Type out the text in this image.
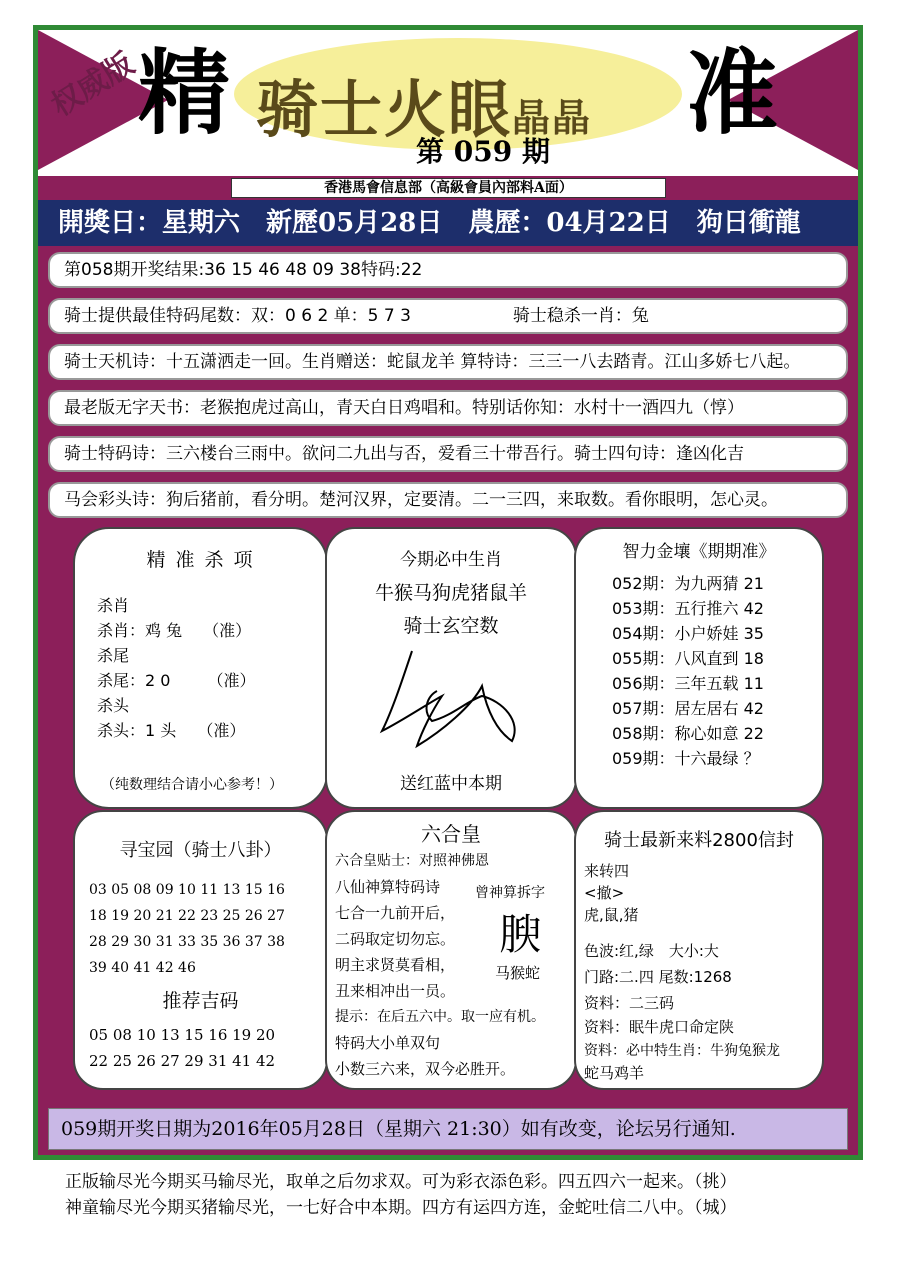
权威版
精 骑士火眼晶晶
第 059 期
准
香港馬會信息部（高級會員內部料A面）
開獎日：星期六　新歷05月28日　農歷：04月22日　狗日衝龍
第058期开奖结果:36 15 46 48 09 38特码:22
骑士提供最佳特码尾数：双：0 6 2 单：5 7 3　　　　　　骑士稳杀一肖：兔
骑士天机诗：十五潇洒走一回。生肖赠送：蛇鼠龙羊 算特诗：三三一八去踏青。江山多娇七八起。
最老版无字天书：老猴抱虎过高山，青天白日鸡唱和。特别话你知：水村十一酒四九（惇）
骑士特码诗：三六楼台三雨中。欲问二九出与否，爱看三十带吾行。骑士四句诗：逢凶化吉
马会彩头诗：狗后猪前，看分明。楚河汉界，定要清。二一三四，来取数。看你眼明，怎心灵。
精 准 杀 项
杀肖
杀肖：鸡 兔　 （准）
杀尾
杀尾：2 0　　 （准）
杀头
杀头：1 头　 （准）
（纯数理结合请小心参考！）
今期必中生肖
牛猴马狗虎猪鼠羊
骑士玄空数
送红蓝中本期
智力金壤《期期准》
052期：为九两猜 21
053期：五行推六 42
054期：小户娇娃 35
055期：八风直到 18
056期：三年五载 11
057期：居左居右 42
058期：称心如意 22
059期：十六最绿 ？
寻宝园（骑士八卦）
03 05 08 09 10 11 13 15 16
18 19 20 21 22 23 25 26 27
28 29 30 31 33 35 36 37 38
39 40 41 42 46
推荐吉码
05 08 10 13 15 16 19 20
22 25 26 27 29 31 41 42
六合皇
六合皇贴士：对照神佛恩
八仙神算特码诗
七合一九前开后，
二码取定切勿忘。
明主求贤莫看相，
丑来相冲出一员。
提示：在后五六中。取一应有机。
特码大小单双句
小数三六来，双今必胜开。
曾神算拆字
腴
马猴蛇
骑士最新来料2800信封
来转四
<撤>
虎,鼠,猪
色波:红,绿　大小:大
门路:二.四 尾数:1268
资料：二三码
资料：眠牛虎口命定陕
资料：必中特生肖：牛狗兔猴龙
蛇马鸡羊
059期开奖日期为2016年05月28日（星期六 21:30）如有改变，论坛另行通知.
正版输尽光今期买马输尽光，取单之后勿求双。可为彩衣添色彩。四五四六一起来。（挑）
神童输尽光今期买猪输尽光，一七好合中本期。四方有运四方连，金蛇吐信二八中。（城）
